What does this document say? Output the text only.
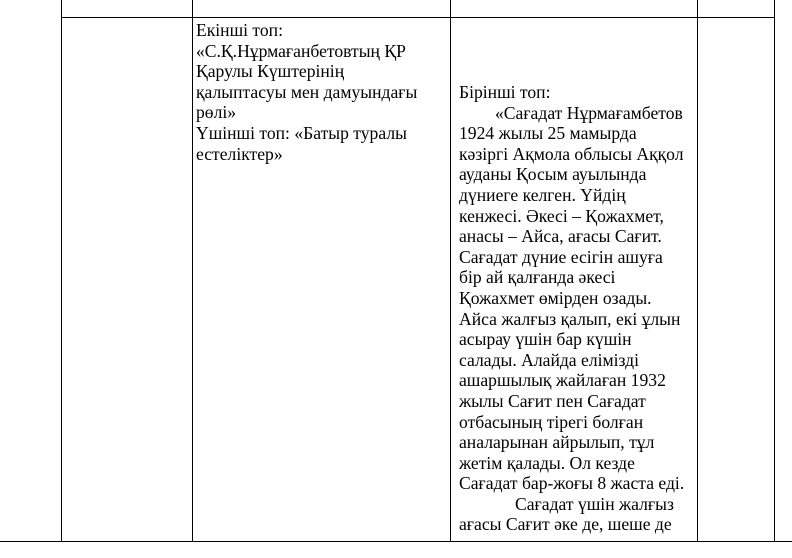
Екінші топ:
«С.Қ.Нұрмағанбетовтың ҚР
Қарулы Күштерінің
қалыптасуы мен дамуындағы
рөлі»
Үшінші топ: «Батыр туралы
естеліктер»
Бірінші топ:
«Сағадат Нұрмағамбетов
1924 жылы 25 мамырда
кәзіргі Ақмола облысы Аққол
ауданы Қосым ауылында
дүниеге келген. Үйдің
кенжесі. Әкесі – Қожахмет,
анасы – Айса, ағасы Сағит.
Сағадат дүние есігін ашуға
бір ай қалғанда әкесі
Қожахмет өмірден озады.
Айса жалғыз қалып, екі ұлын
асырау үшін бар күшін
салады. Алайда елімізді
ашаршылық жайлаған 1932
жылы Сағит пен Сағадат
отбасының тірегі болған
аналарынан айрылып, тұл
жетім қалады. Ол кезде
Сағадат бар-жоғы 8 жаста еді.
Сағадат үшін жалғыз
ағасы Сағит әке де, шеше де
